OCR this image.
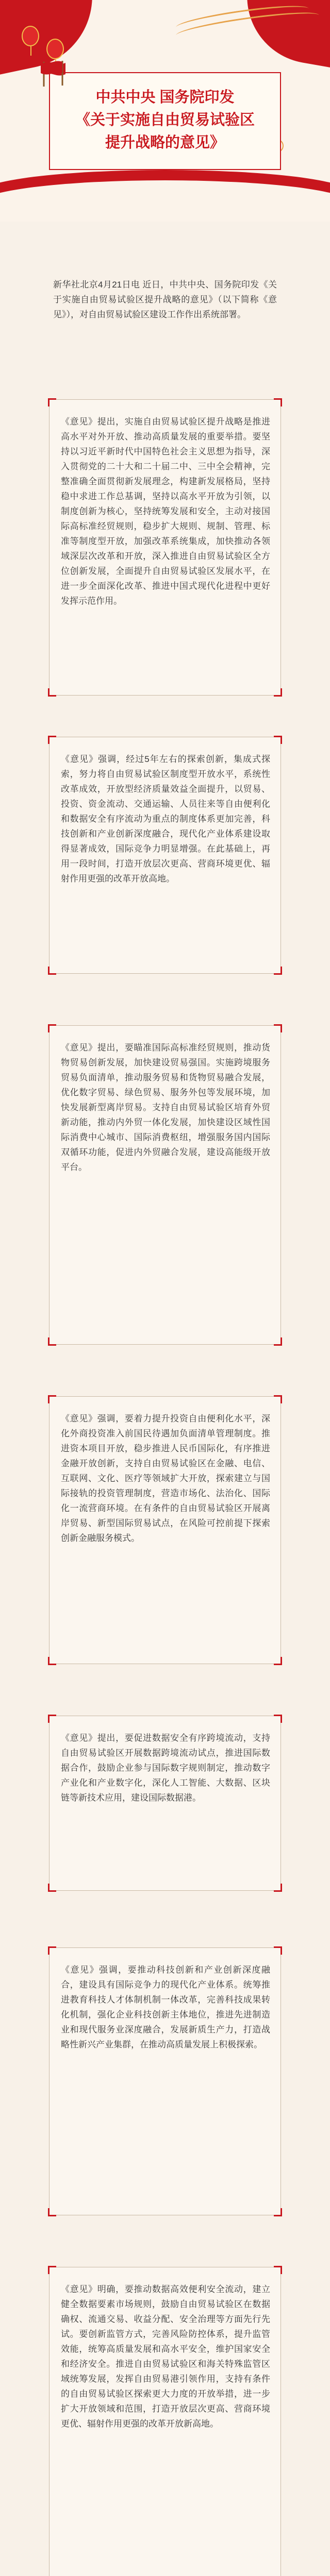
中共中央 国务院印发
《关于实施自由贸易试验区
提升战略的意见》
新华社北京4月21日电 近日，中共中央、国务院印发《关于实施自由贸易试验区提升战略的意见》（以下简称《意见》），对自由贸易试验区建设工作作出系统部署。

《意见》提出，实施自由贸易试验区提升战略是推进高水平对外开放、推动高质量发展的重要举措。要坚持以习近平新时代中国特色社会主义思想为指导，深入贯彻党的二十大和二十届二中、三中全会精神，完整准确全面贯彻新发展理念，构建新发展格局，坚持稳中求进工作总基调，坚持以高水平开放为引领，以制度创新为核心，坚持统筹发展和安全，主动对接国际高标准经贸规则，稳步扩大规则、规制、管理、标准等制度型开放，加强改革系统集成，加快推动各领域深层次改革和开放，深入推进自由贸易试验区全方位创新发展，全面提升自由贸易试验区发展水平，在进一步全面深化改革、推进中国式现代化进程中更好发挥示范作用。

《意见》强调，经过5年左右的探索创新，集成式探索，努力将自由贸易试验区制度型开放水平，系统性改革成效，开放型经济质量效益全面提升，以贸易、投资、资金流动、交通运输、人员往来等自由便利化和数据安全有序流动为重点的制度体系更加完善，科技创新和产业创新深度融合，现代化产业体系建设取得显著成效，国际竞争力明显增强。在此基础上，再用一段时间，打造开放层次更高、营商环境更优、辐射作用更强的改革开放高地。

《意见》提出，要瞄准国际高标准经贸规则，推动货物贸易创新发展，加快建设贸易强国。实施跨境服务贸易负面清单，推动服务贸易和货物贸易融合发展，优化数字贸易、绿色贸易、服务外包等发展环境，加快发展新型离岸贸易。支持自由贸易试验区培育外贸新动能，推动内外贸一体化发展，加快建设区域性国际消费中心城市、国际消费枢纽，增强服务国内国际双循环功能，促进内外贸融合发展，建设高能级开放平台。

《意见》强调，要着力提升投资自由便利化水平，深化外商投资准入前国民待遇加负面清单管理制度。推进资本项目开放，稳步推进人民币国际化，有序推进金融开放创新，支持自由贸易试验区在金融、电信、互联网、文化、医疗等领域扩大开放，探索建立与国际接轨的投资管理制度，营造市场化、法治化、国际化一流营商环境。在有条件的自由贸易试验区开展离岸贸易、新型国际贸易试点，在风险可控前提下探索创新金融服务模式。

《意见》提出，要促进数据安全有序跨境流动，支持自由贸易试验区开展数据跨境流动试点，推进国际数据合作，鼓励企业参与国际数字规则制定，推动数字产业化和产业数字化，深化人工智能、大数据、区块链等新技术应用，建设国际数据港。

《意见》强调，要推动科技创新和产业创新深度融合，建设具有国际竞争力的现代化产业体系。统筹推进教育科技人才体制机制一体改革，完善科技成果转化机制，强化企业科技创新主体地位，推进先进制造业和现代服务业深度融合，发展新质生产力，打造战略性新兴产业集群，在推动高质量发展上积极探索。

《意见》明确，要推动数据高效便利安全流动，建立健全数据要素市场规则，鼓励自由贸易试验区在数据确权、流通交易、收益分配、安全治理等方面先行先试。要创新监管方式，完善风险防控体系，提升监管效能，统筹高质量发展和高水平安全，维护国家安全和经济安全。推进自由贸易试验区和海关特殊监管区域统筹发展，发挥自由贸易港引领作用，支持有条件的自由贸易试验区探索更大力度的开放举措，进一步扩大开放领域和范围，打造开放层次更高、营商环境更优、辐射作用更强的改革开放新高地。
